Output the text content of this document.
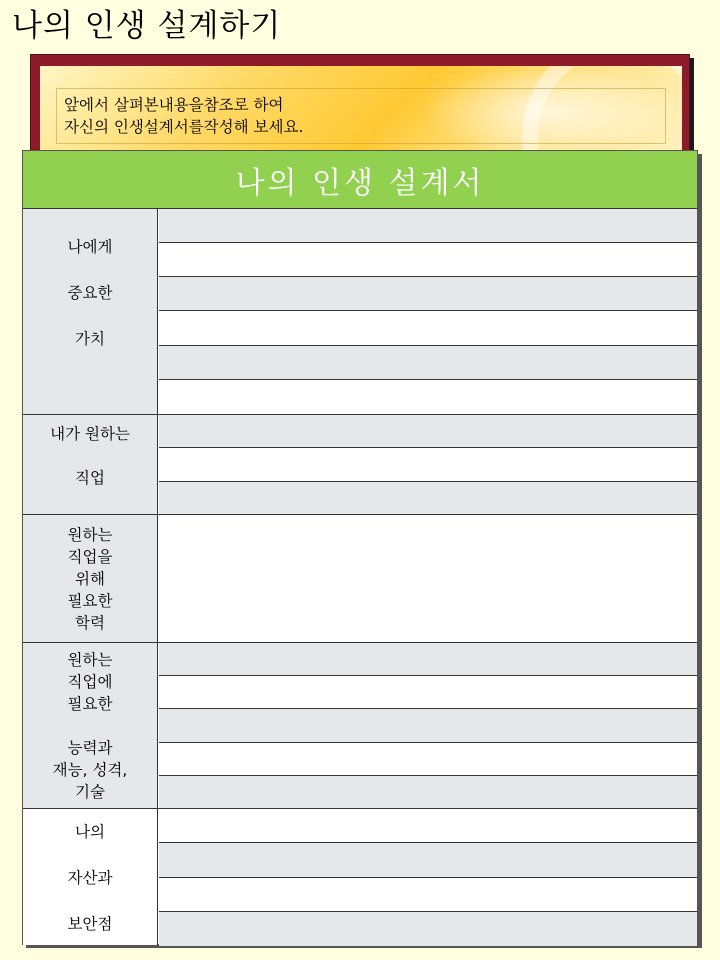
나의 인생 설계하기
앞에서 살펴본내용을참조로 하여
자신의 인생설계서를작성해 보세요.
나의 인생 설계서
나에게
중요한
가치
내가 원하는
직업
원하는
직업을
위해
필요한
학력
원하는
직업에
필요한
능력과
재능, 성격,
기술
나의
자산과
보안점
